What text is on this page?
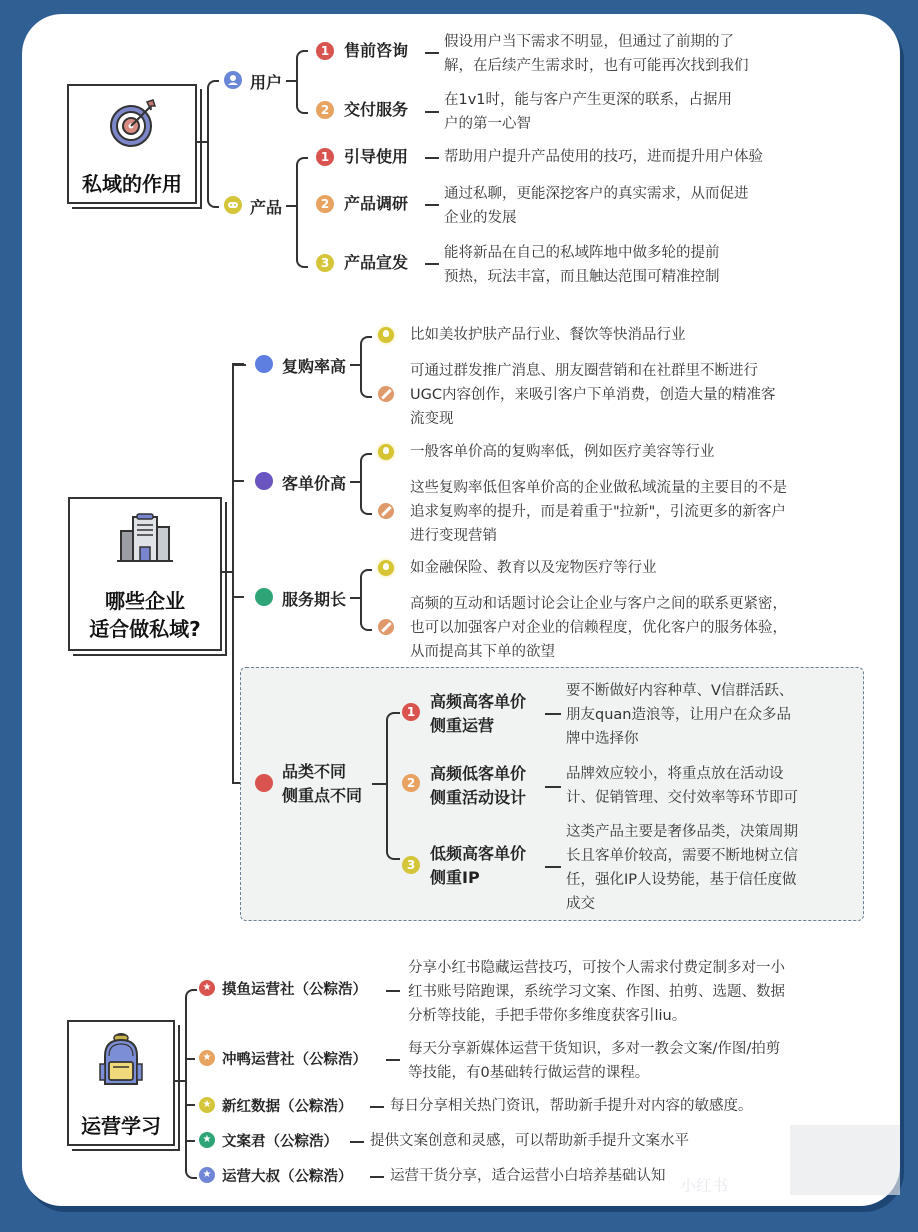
私域的作用
用户
1 售前咨询 假设用户当下需求不明显，但通过了前期的了
解，在后续产生需求时，也有可能再次找到我们
2 交付服务 在1v1时，能与客户产生更深的联系，占据用
户的第一心智
产品
1 引导使用 帮助用户提升产品使用的技巧，进而提升用户体验
2 产品调研 通过私聊，更能深挖客户的真实需求，从而促进
企业的发展
3 产品宣发 能将新品在自己的私域阵地中做多轮的提前
预热，玩法丰富，而且触达范围可精准控制
哪些企业
适合做私域?
复购率高
比如美妆护肤产品行业、餐饮等快消品行业
可通过群发推广消息、朋友圈营销和在社群里不断进行
UGC内容创作，来吸引客户下单消费，创造大量的精准客
流变现
客单价高
一般客单价高的复购率低，例如医疗美容等行业
这些复购率低但客单价高的企业做私域流量的主要目的不是
追求复购率的提升，而是着重于"拉新"，引流更多的新客户
进行变现营销
服务期长
如金融保险、教育以及宠物医疗等行业
高频的互动和话题讨论会让企业与客户之间的联系更紧密，
也可以加强客户对企业的信赖程度，优化客户的服务体验，
从而提高其下单的欲望
品类不同
侧重点不同
1
高频高客单价
侧重运营
要不断做好内容种草、V信群活跃、
朋友quan造浪等，让用户在众多品
牌中选择你
2 高频低客单价
侧重活动设计
品牌效应较小，将重点放在活动设
计、促销管理、交付效率等环节即可
3
低频高客单价
侧重IP
这类产品主要是奢侈品类，决策周期
长且客单价较高，需要不断地树立信
任，强化IP人设势能，基于信任度做
成交
运营学习
★ 摸鱼运营社（公粽浩）
分享小红书隐藏运营技巧，可按个人需求付费定制多对一小
红书账号陪跑课，系统学习文案、作图、拍剪、选题、数据
分析等技能，手把手带你多维度获客引liu。
★ 冲鸭运营社（公粽浩）
每天分享新媒体运营干货知识，多对一教会文案/作图/拍剪
等技能，有0基础转行做运营的课程。
★ 新红数据（公粽浩）	每日分享相关热门资讯，帮助新手提升对内容的敏感度。
★ 文案君（公粽浩） 提供文案创意和灵感，可以帮助新手提升文案水平
★ 运营大叔（公粽浩）	运营干货分享，适合运营小白培养基础认知 小红书
